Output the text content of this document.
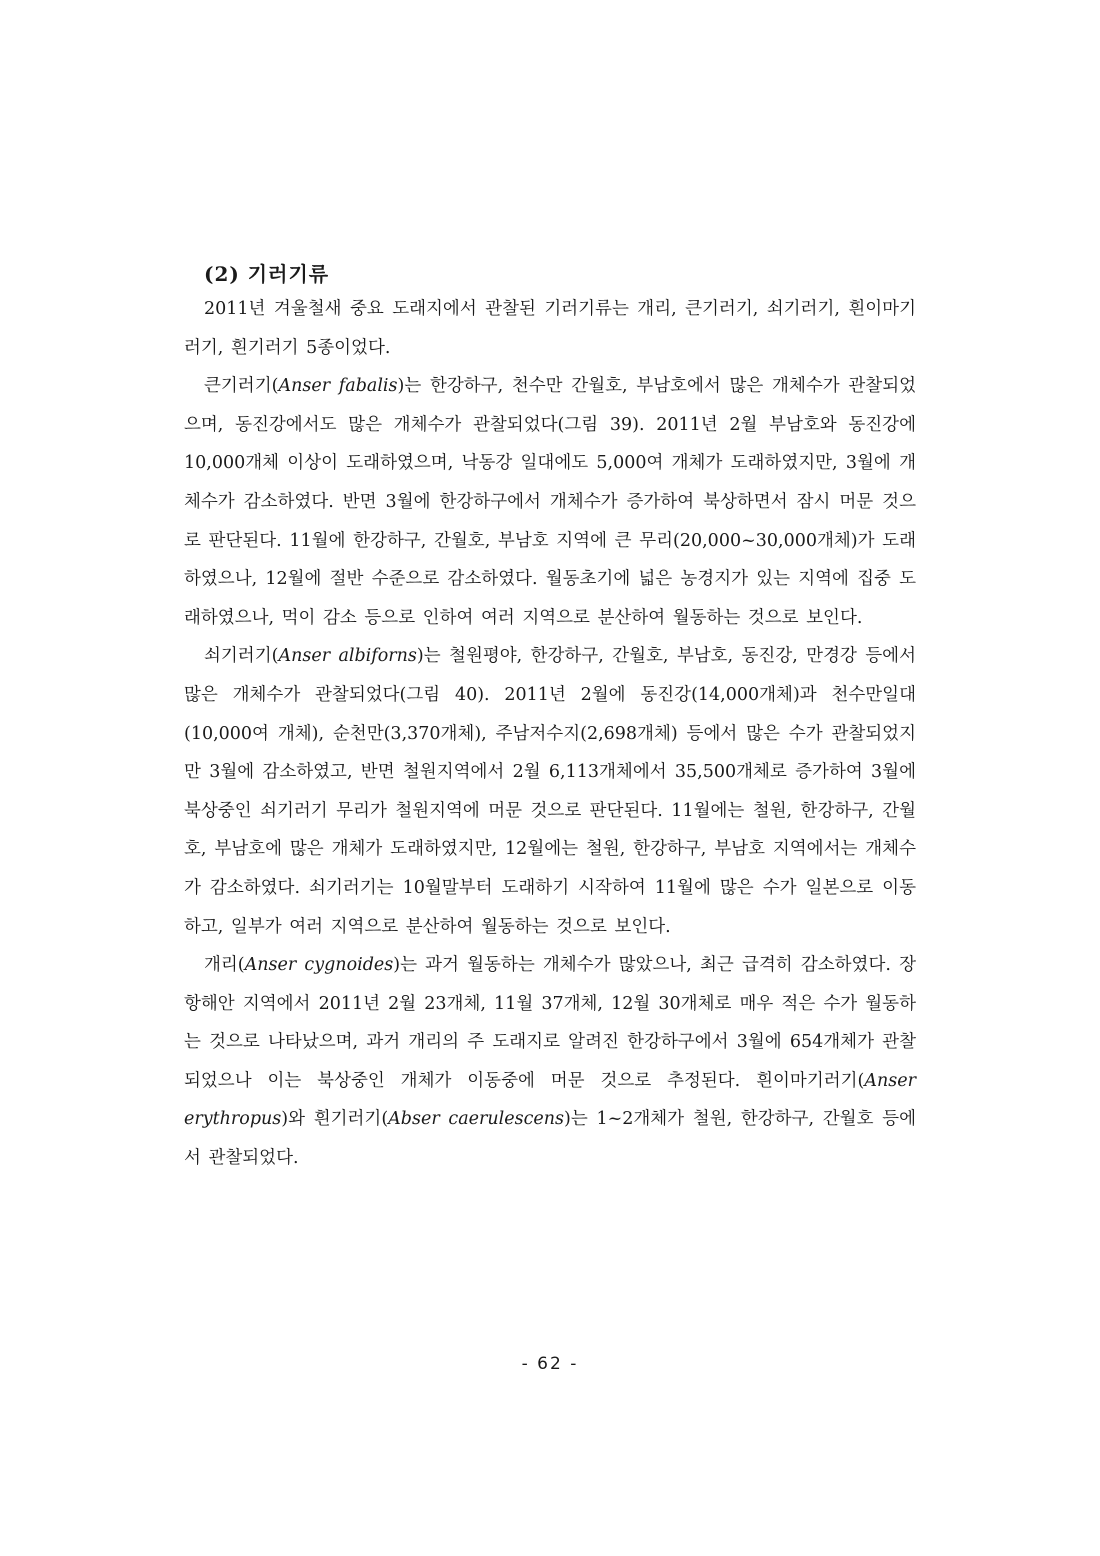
(2) 기러기류

2011년 겨울철새 중요 도래지에서 관찰된 기러기류는 개리, 큰기러기, 쇠기러기, 흰이마기러기, 흰기러기 5종이었다.

큰기러기(Anser fabalis)는 한강하구, 천수만 간월호, 부남호에서 많은 개체수가 관찰되었으며, 동진강에서도 많은 개체수가 관찰되었다(그림 39). 2011년 2월 부남호와 동진강에 10,000개체 이상이 도래하였으며, 낙동강 일대에도 5,000여 개체가 도래하였지만, 3월에 개체수가 감소하였다. 반면 3월에 한강하구에서 개체수가 증가하여 북상하면서 잠시 머문 것으로 판단된다. 11월에 한강하구, 간월호, 부남호 지역에 큰 무리(20,000~30,000개체)가 도래하였으나, 12월에 절반 수준으로 감소하였다. 월동초기에 넓은 농경지가 있는 지역에 집중 도래하였으나, 먹이 감소 등으로 인하여 여러 지역으로 분산하여 월동하는 것으로 보인다.

쇠기러기(Anser albiforns)는 철원평야, 한강하구, 간월호, 부남호, 동진강, 만경강 등에서 많은 개체수가 관찰되었다(그림 40). 2011년 2월에 동진강(14,000개체)과 천수만일대(10,000여 개체), 순천만(3,370개체), 주남저수지(2,698개체) 등에서 많은 수가 관찰되었지만 3월에 감소하였고, 반면 철원지역에서 2월 6,113개체에서 35,500개체로 증가하여 3월에 북상중인 쇠기러기 무리가 철원지역에 머문 것으로 판단된다. 11월에는 철원, 한강하구, 간월호, 부남호에 많은 개체가 도래하였지만, 12월에는 철원, 한강하구, 부남호 지역에서는 개체수가 감소하였다. 쇠기러기는 10월말부터 도래하기 시작하여 11월에 많은 수가 일본으로 이동하고, 일부가 여러 지역으로 분산하여 월동하는 것으로 보인다.

개리(Anser cygnoides)는 과거 월동하는 개체수가 많았으나, 최근 급격히 감소하였다. 장항해안 지역에서 2011년 2월 23개체, 11월 37개체, 12월 30개체로 매우 적은 수가 월동하는 것으로 나타났으며, 과거 개리의 주 도래지로 알려진 한강하구에서 3월에 654개체가 관찰되었으나 이는 북상중인 개체가 이동중에 머문 것으로 추정된다. 흰이마기러기(Anser erythropus)와 흰기러기(Abser caerulescens)는 1~2개체가 철원, 한강하구, 간월호 등에서 관찰되었다.

- 62 -
